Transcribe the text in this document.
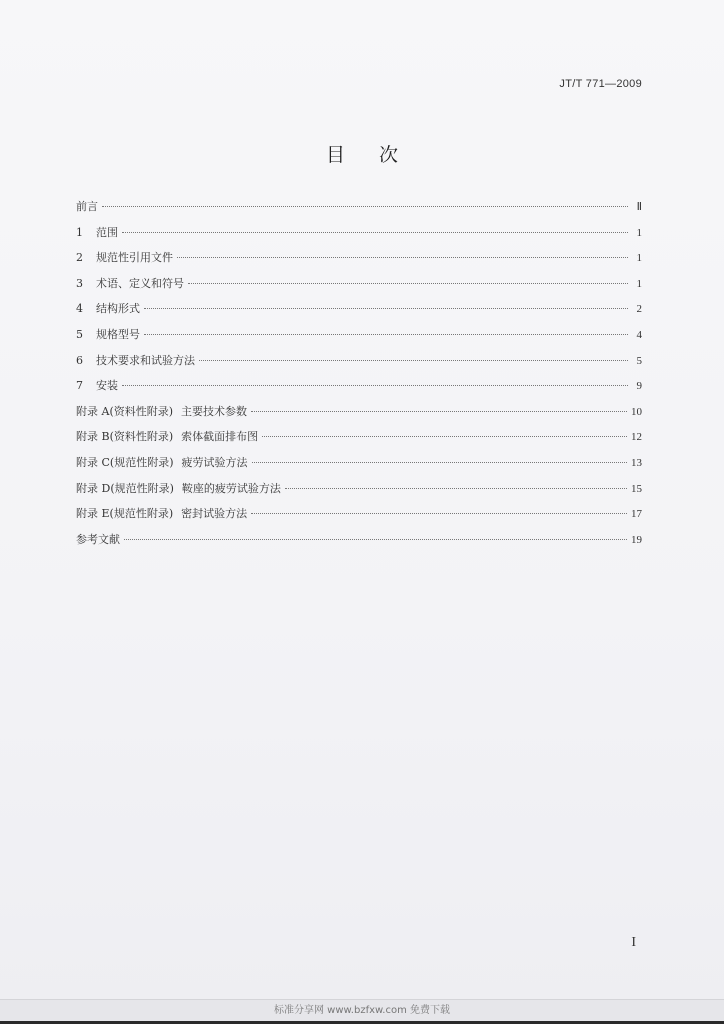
JT/T 771—2009
目次
前言	Ⅱ
1 范围	1
2 规范性引用文件	1
3 术语、定义和符号	1
4 结构形式	2
5 规格型号	4
6 技术要求和试验方法	5
7 安装	9
附录 A(资料性附录) 主要技术参数	10
附录 B(资料性附录) 索体截面排布图	12
附录 C(规范性附录) 疲劳试验方法	13
附录 D(规范性附录) 鞍座的疲劳试验方法	15
附录 E(规范性附录) 密封试验方法	17
参考文献	19
I
标准分享网 www.bzfxw.com 免费下载
